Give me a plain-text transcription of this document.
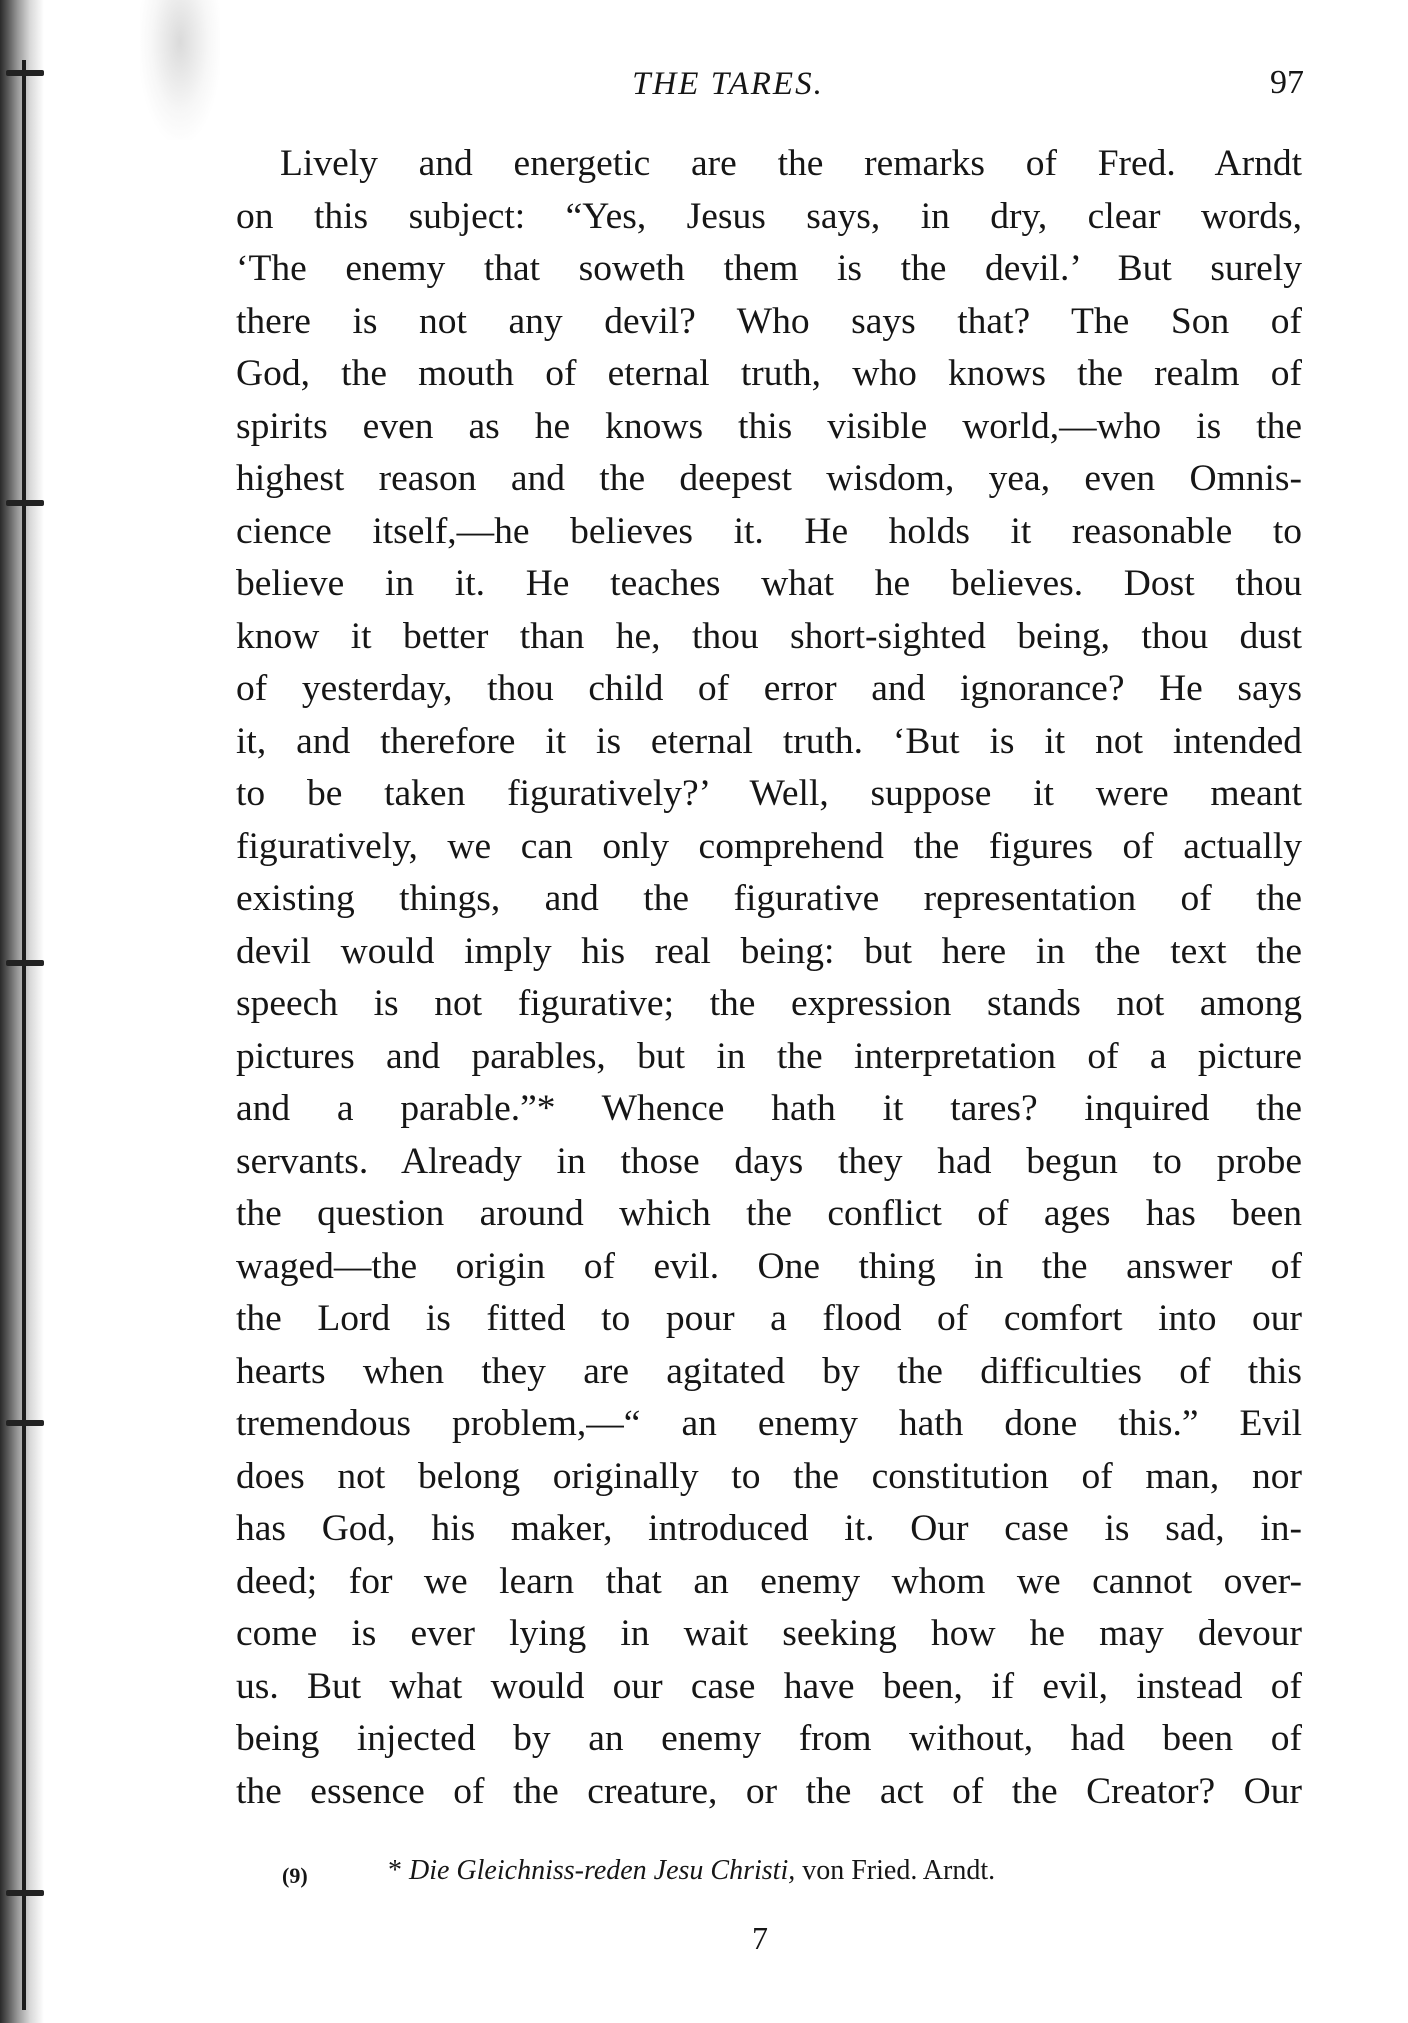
THE TARES.	97
Lively and energetic are the remarks of Fred. Arndt
on this subject: “Yes, Jesus says, in dry, clear words,
‘The enemy that soweth them is the devil.’ But surely
there is not any devil? Who says that? The Son of
God, the mouth of eternal truth, who knows the realm of
spirits even as he knows this visible world,—who is the
highest reason and the deepest wisdom, yea, even Omnis-
cience itself,—he believes it. He holds it reasonable to
believe in it. He teaches what he believes. Dost thou
know it better than he, thou short-sighted being, thou dust
of yesterday, thou child of error and ignorance? He says
it, and therefore it is eternal truth. ‘But is it not intended
to be taken figuratively?’ Well, suppose it were meant
figuratively, we can only comprehend the figures of actually
existing things, and the figurative representation of the
devil would imply his real being: but here in the text the
speech is not figurative; the expression stands not among
pictures and parables, but in the interpretation of a picture
and a parable.”* Whence hath it tares? inquired the
servants. Already in those days they had begun to probe
the question around which the conflict of ages has been
waged—the origin of evil. One thing in the answer of
the Lord is fitted to pour a flood of comfort into our
hearts when they are agitated by the difficulties of this
tremendous problem,—“ an enemy hath done this.” Evil
does not belong originally to the constitution of man, nor
has God, his maker, introduced it. Our case is sad, in-
deed; for we learn that an enemy whom we cannot over-
come is ever lying in wait seeking how he may devour
us. But what would our case have been, if evil, instead of
being injected by an enemy from without, had been of
the essence of the creature, or the act of the Creator? Our
(9)	* Die Gleichniss-reden Jesu Christi, von Fried. Arndt.
7
